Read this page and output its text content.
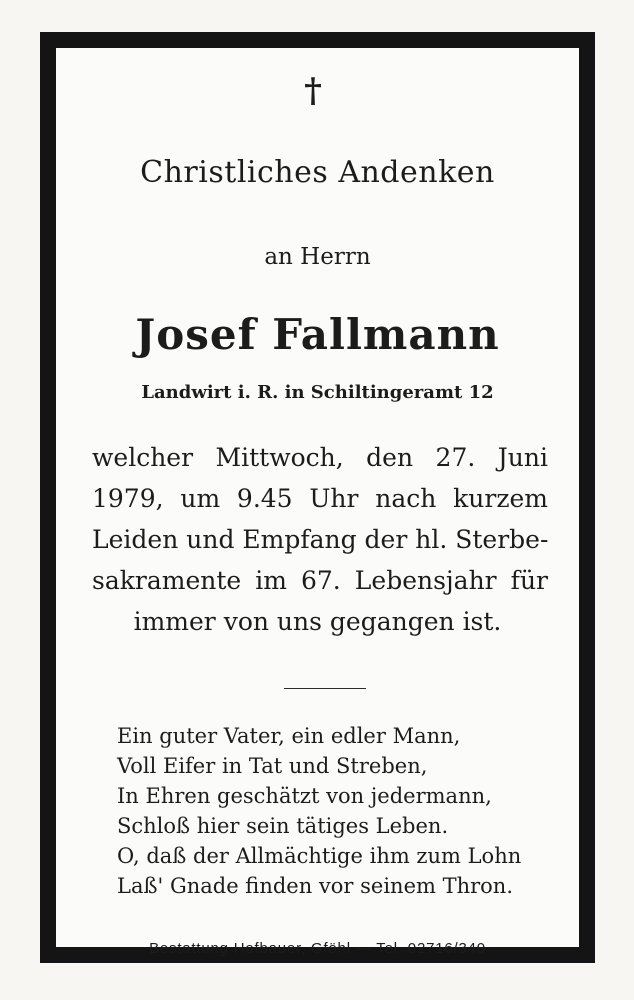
†
Christliches Andenken
an Herrn
Josef Fallmann
Landwirt i. R. in Schiltingeramt 12
welcher Mittwoch, den 27. Juni
1979, um 9.45 Uhr nach kurzem
Leiden und Empfang der hl. Sterbe-
sakramente im 67. Lebensjahr für
immer von uns gegangen ist.
Ein guter Vater, ein edler Mann,
Voll Eifer in Tat und Streben,
In Ehren geschätzt von jedermann,
Schloß hier sein tätiges Leben.
O, daß der Allmächtige ihm zum Lohn
Laß' Gnade finden vor seinem Thron.
Bestattung Hofbauer, Gföhl — Tel. 02716/340
